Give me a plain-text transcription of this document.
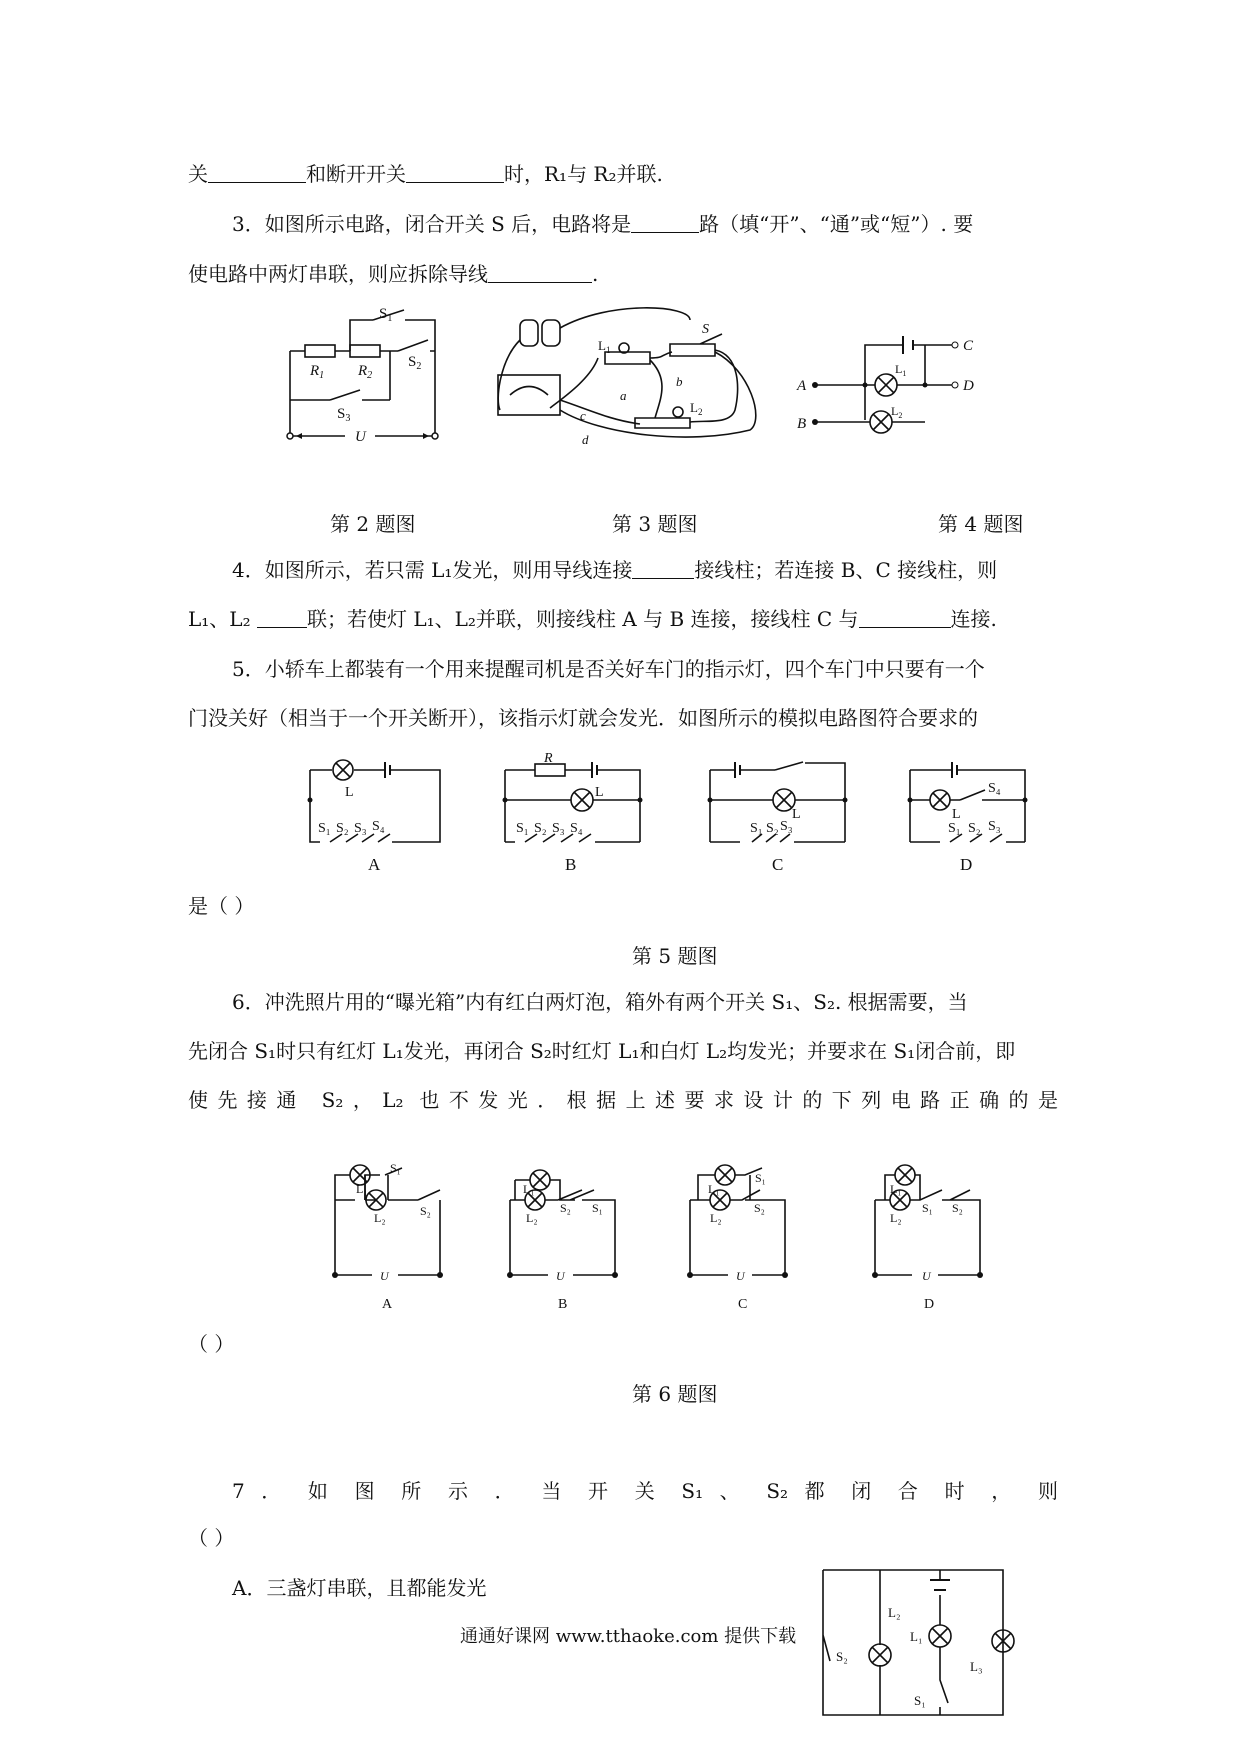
关	和断开开关	时，R₁与 R₂并联.
3．如图所示电路，闭合开关 S 后，电路将是	路（填“开”、“通”或“短”）. 要
使电路中两灯串联，则应拆除导线	.
$S_1$
$R_1$ $R_2$
$S_2$
$S_3$
U
S
$L_1$
$L_2$
a
b
c
d
A
B
C
D
$L_1$
$L_2$
第 2 题图	第 3 题图	第 4 题图
4．如图所示，若只需 L₁发光，则用导线连接	接线柱；若连接 B、C 接线柱，则
L₁、L₂	联；若使灯 L₁、L₂并联，则接线柱 A 与 B 连接，接线柱 C 与	连接.
5．小轿车上都装有一个用来提醒司机是否关好车门的指示灯，四个车门中只要有一个
门没关好（相当于一个开关断开），该指示灯就会发光．如图所示的模拟电路图符合要求的
L
S₁ S₂ S₃ S₄
A
R
L
S₁ S₂ S₃ S₄
B
L
S₁ S₂ S₃
C
L
S₄
S₁ S₂ S₃
D
是（ ）
第 5 题图
6．冲洗照片用的“曝光箱”内有红白两灯泡，箱外有两个开关 S₁、S₂. 根据需要，当
先闭合 S₁时只有红灯 L₁发光，再闭合 S₂时红灯 L₁和白灯 L₂均发光；并要求在 S₁闭合前，即
使先接通 S₂，L₂ 也不发光．根据上述要求设计的下列电路正确的是
L₁
L₂
S₁
S₂
U
A
L₁
L₂
S₂ S₁
U
B
L₁
L₂
S₁
S₂
U
C
L₁
L₂
S₁ S₂
U
D
（ ）
第 6 题图
7 ． 如 图 所 示 ． 当 开 关 S₁ 、 S₂ 都 闭 合 时 ， 则
（ ）
A．三盏灯串联，且都能发光
S₂
L₂
L₁
S₁
L₃
通通好课网 www.tthaoke.com 提供下载
